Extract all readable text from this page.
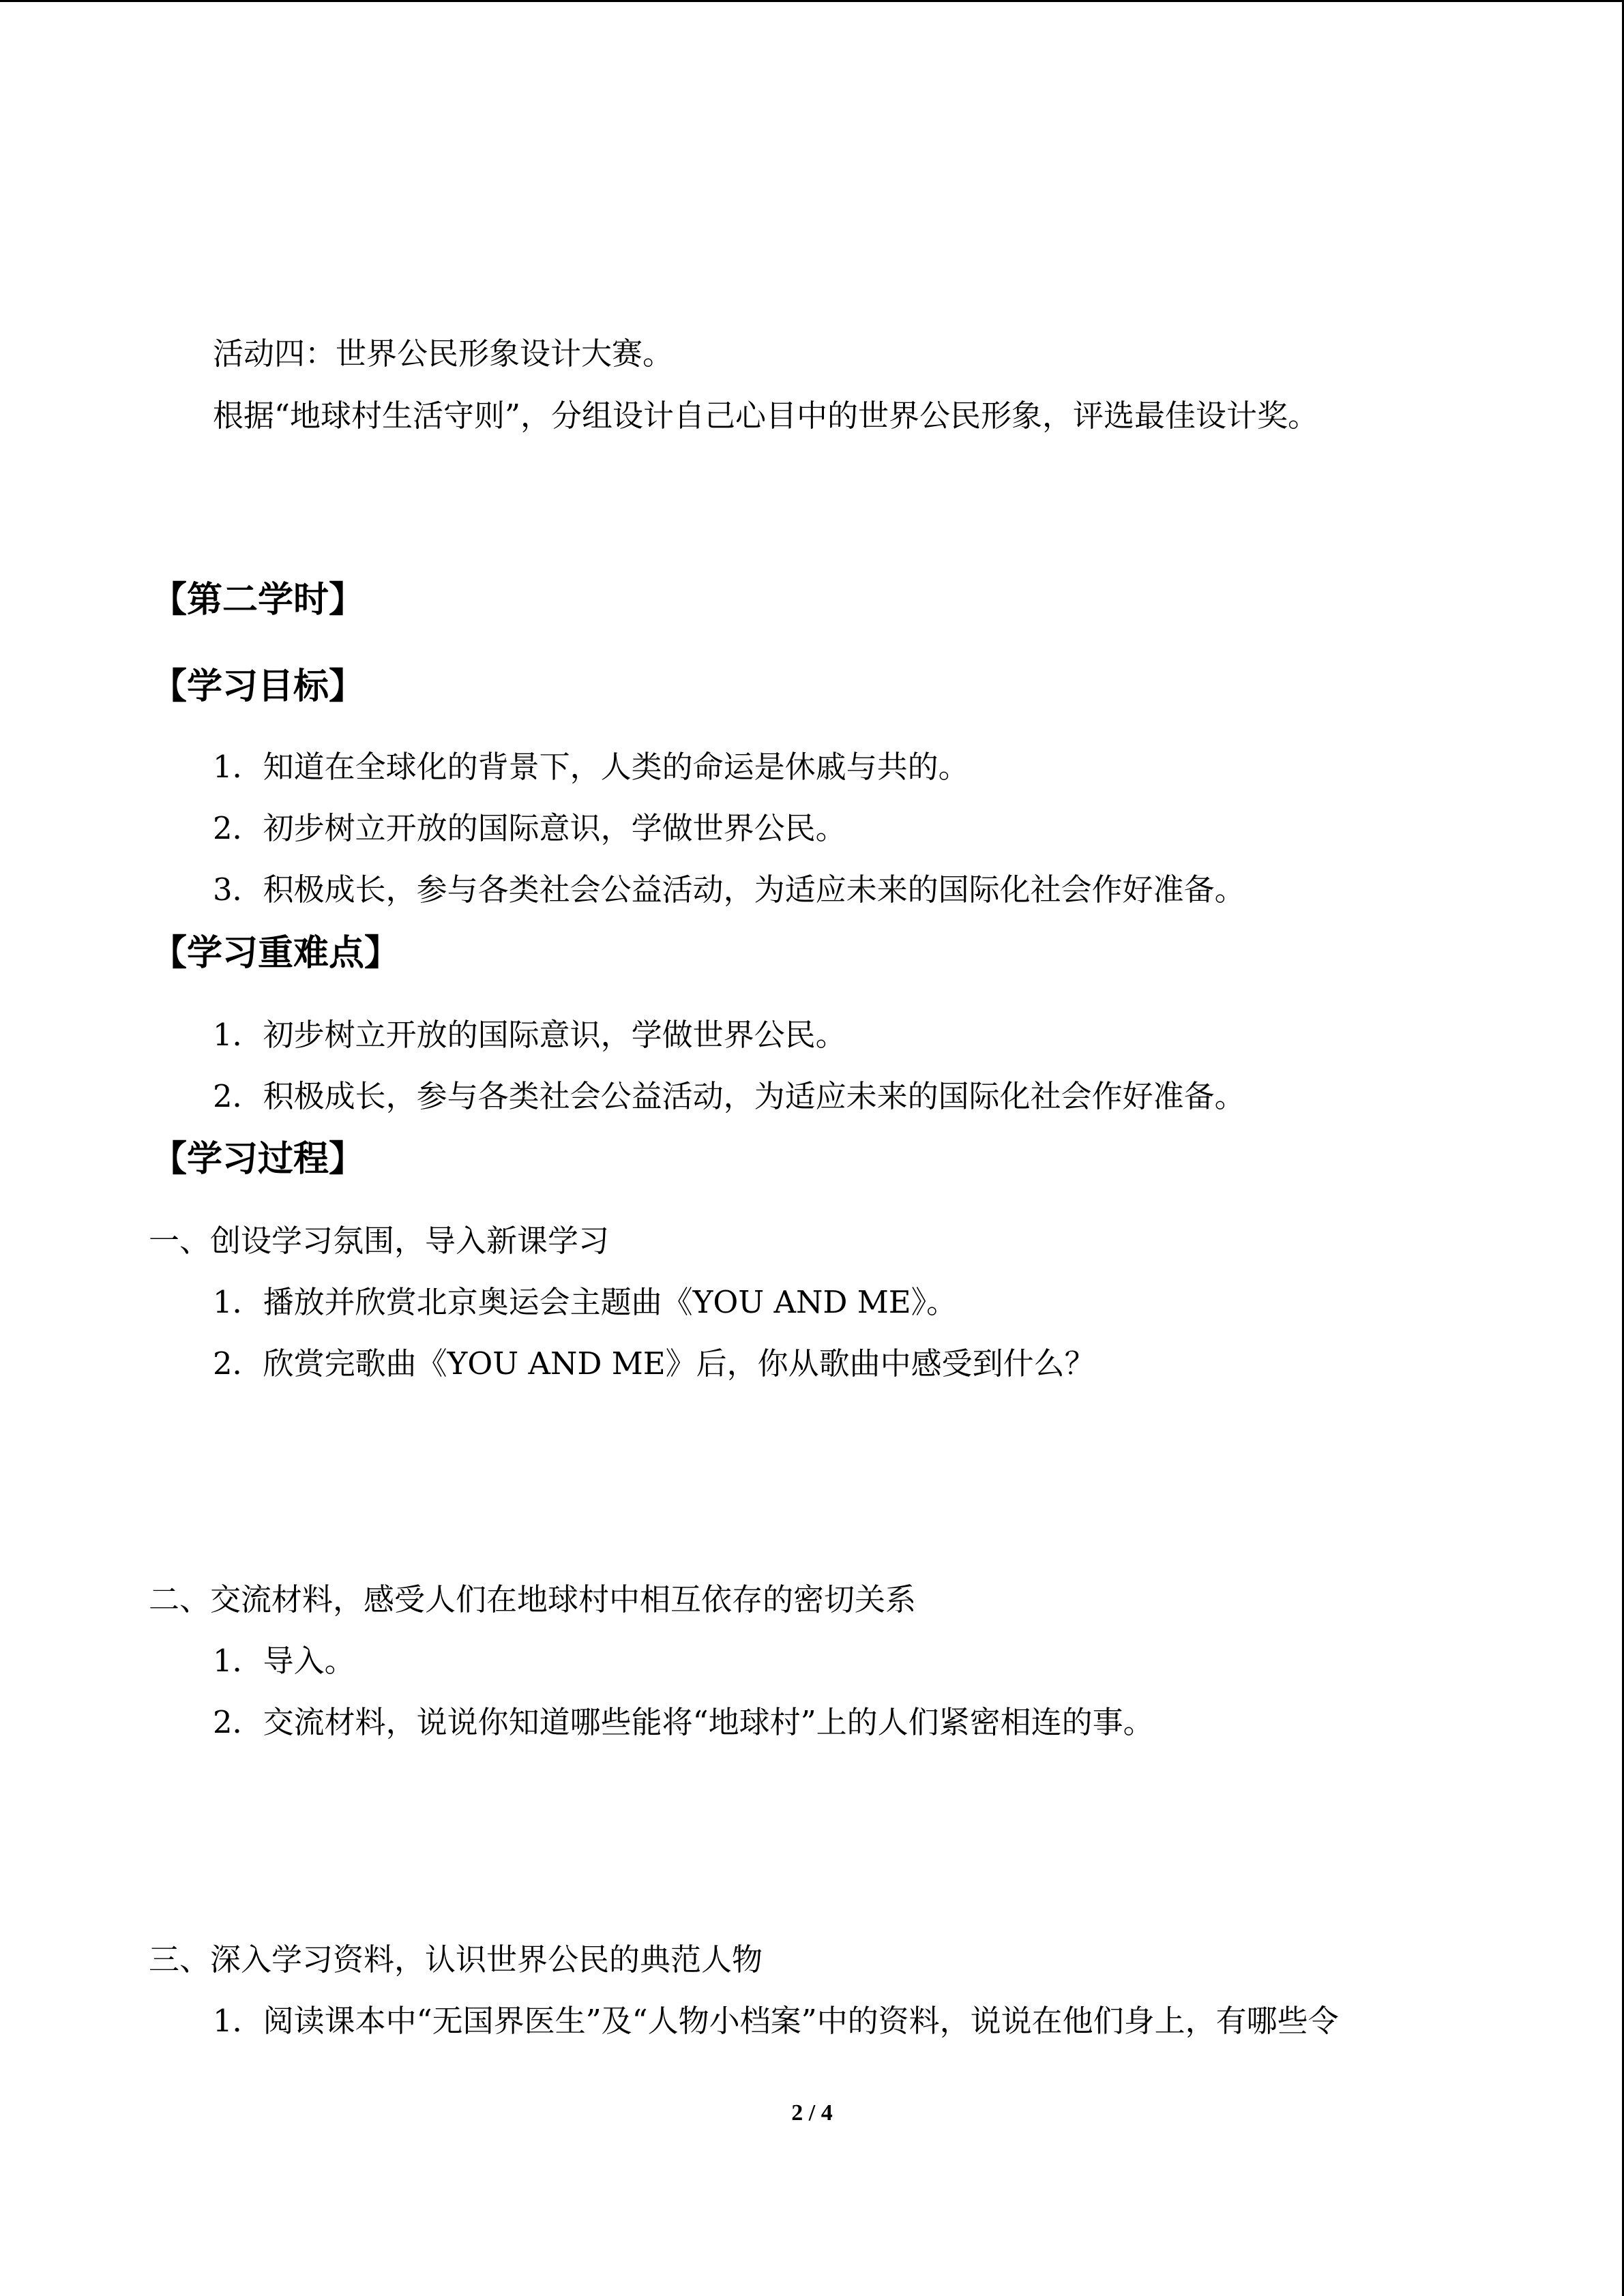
活动四：世界公民形象设计大赛。
根据“地球村生活守则”，分组设计自己心目中的世界公民形象，评选最佳设计奖。
【第二学时】
【学习目标】
1．知道在全球化的背景下，人类的命运是休戚与共的。
2．初步树立开放的国际意识，学做世界公民。
3．积极成长，参与各类社会公益活动，为适应未来的国际化社会作好准备。
【学习重难点】
1．初步树立开放的国际意识，学做世界公民。
2．积极成长，参与各类社会公益活动，为适应未来的国际化社会作好准备。
【学习过程】
一、创设学习氛围，导入新课学习
1．播放并欣赏北京奥运会主题曲《YOU AND ME》。
2．欣赏完歌曲《YOU AND ME》后，你从歌曲中感受到什么？
二、交流材料，感受人们在地球村中相互依存的密切关系
1．导入。
2．交流材料，说说你知道哪些能将“地球村”上的人们紧密相连的事。
三、深入学习资料，认识世界公民的典范人物
1．阅读课本中“无国界医生”及“人物小档案”中的资料，说说在他们身上，有哪些令
2 / 4
